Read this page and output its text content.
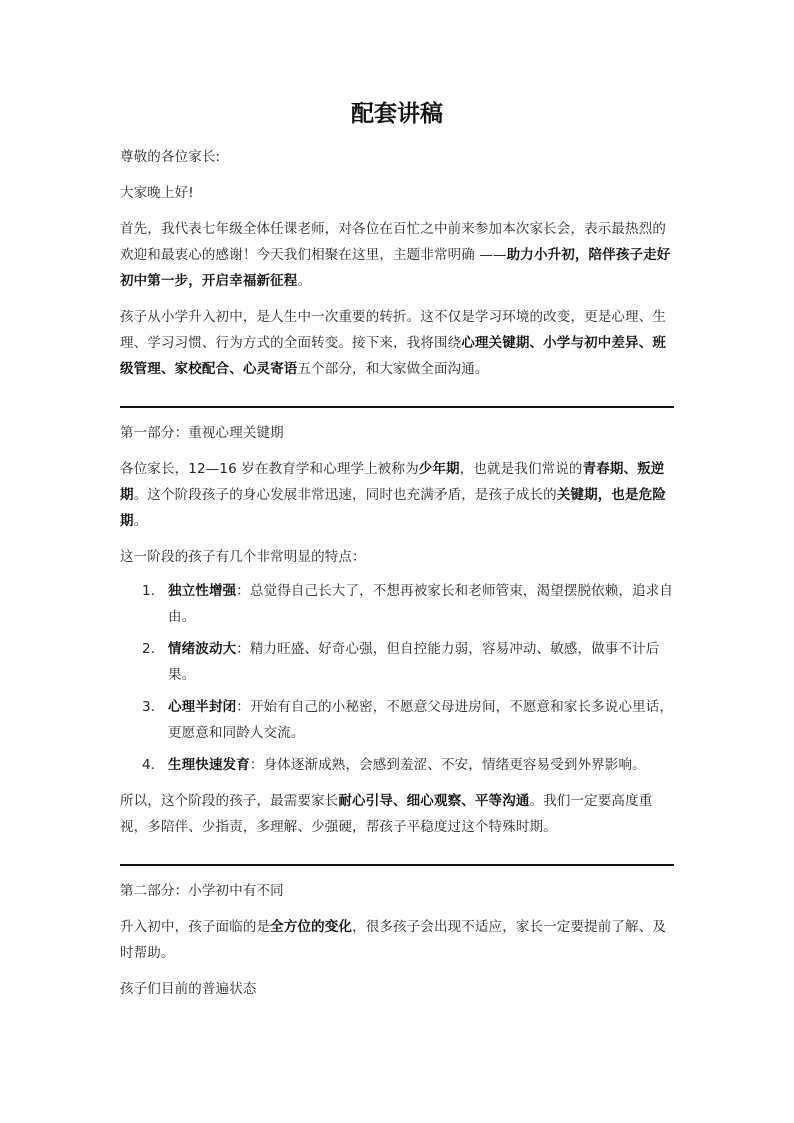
配套讲稿

尊敬的各位家长:

大家晚上好!

首先，我代表七年级全体任课老师，对各位在百忙之中前来参加本次家长会，表示最热烈的欢迎和最衷心的感谢！今天我们相聚在这里，主题非常明确 ——助力小升初，陪伴孩子走好初中第一步，开启幸福新征程。

孩子从小学升入初中，是人生中一次重要的转折。这不仅是学习环境的改变，更是心理、生理、学习习惯、行为方式的全面转变。接下来，我将围绕心理关键期、小学与初中差异、班级管理、家校配合、心灵寄语五个部分，和大家做全面沟通。

第一部分：重视心理关键期

各位家长，12—16 岁在教育学和心理学上被称为少年期，也就是我们常说的青春期、叛逆期。这个阶段孩子的身心发展非常迅速，同时也充满矛盾，是孩子成长的关键期，也是危险期。

这一阶段的孩子有几个非常明显的特点：

1. 独立性增强：总觉得自己长大了，不想再被家长和老师管束，渴望摆脱依赖，追求自由。
2. 情绪波动大：精力旺盛、好奇心强，但自控能力弱，容易冲动、敏感，做事不计后果。
3. 心理半封闭：开始有自己的小秘密，不愿意父母进房间，不愿意和家长多说心里话，更愿意和同龄人交流。
4. 生理快速发育：身体逐渐成熟，会感到羞涩、不安，情绪更容易受到外界影响。

所以，这个阶段的孩子，最需要家长耐心引导、细心观察、平等沟通。我们一定要高度重视，多陪伴、少指责，多理解、少强硬，帮孩子平稳度过这个特殊时期。

第二部分：小学初中有不同

升入初中，孩子面临的是全方位的变化，很多孩子会出现不适应，家长一定要提前了解、及时帮助。

孩子们目前的普遍状态
